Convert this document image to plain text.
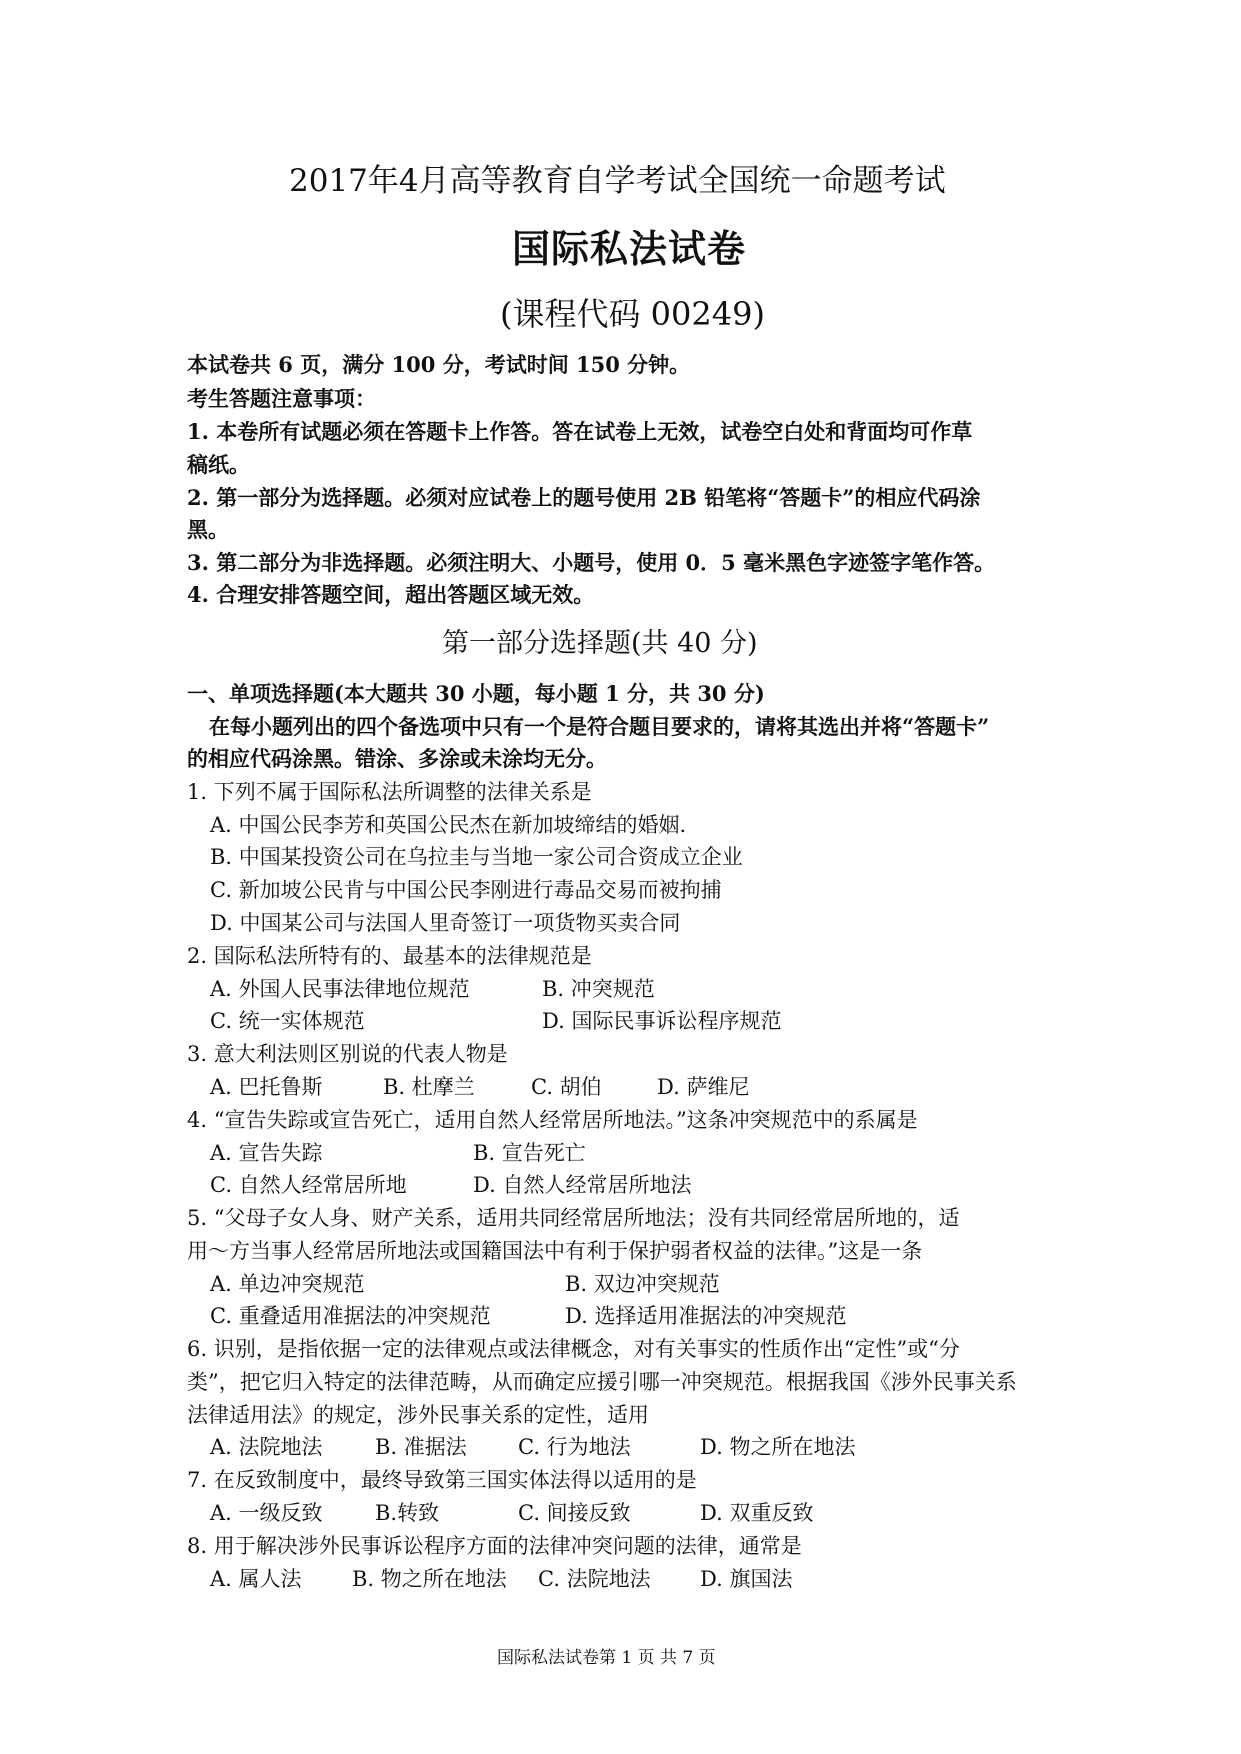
2017年4月高等教育自学考试全国统一命题考试
国际私法试卷
(课程代码 00249)
本试卷共 6 页，满分 100 分，考试时间 150 分钟。
考生答题注意事项：
1. 本卷所有试题必须在答题卡上作答。答在试卷上无效，试卷空白处和背面均可作草
稿纸。
2. 第一部分为选择题。必须对应试卷上的题号使用 2B 铅笔将“答题卡”的相应代码涂
黑。
3. 第二部分为非选择题。必须注明大、小题号，使用 0．5 毫米黑色字迹签字笔作答。
4. 合理安排答题空间，超出答题区域无效。
第一部分选择题(共 40 分)
一、单项选择题(本大题共 30 小题，每小题 1 分，共 30 分)
在每小题列出的四个备选项中只有一个是符合题目要求的，请将其选出并将“答题卡”
的相应代码涂黑。错涂、多涂或未涂均无分。
1. 下列不属于国际私法所调整的法律关系是
A. 中国公民李芳和英国公民杰在新加坡缔结的婚姻.
B. 中国某投资公司在乌拉圭与当地一家公司合资成立企业
C. 新加坡公民肯与中国公民李刚进行毒品交易而被拘捕
D. 中国某公司与法国人里奇签订一项货物买卖合同
2. 国际私法所特有的、最基本的法律规范是
A. 外国人民事法律地位规范	B. 冲突规范
C. 统一实体规范	D. 国际民事诉讼程序规范
3. 意大利法则区别说的代表人物是
A. 巴托鲁斯	B. 杜摩兰	C. 胡伯	D. 萨维尼
4. “宣告失踪或宣告死亡，适用自然人经常居所地法。”这条冲突规范中的系属是
A. 宣告失踪	B. 宣告死亡
C. 自然人经常居所地	D. 自然人经常居所地法
5. “父母子女人身、财产关系，适用共同经常居所地法；没有共同经常居所地的，适
用～方当事人经常居所地法或国籍国法中有利于保护弱者权益的法律。”这是一条
A. 单边冲突规范	B. 双边冲突规范
C. 重叠适用准据法的冲突规范	D. 选择适用准据法的冲突规范
6. 识别，是指依据一定的法律观点或法律概念，对有关事实的性质作出“定性”或“分
类”，把它归入特定的法律范畴，从而确定应援引哪一冲突规范。根据我国《涉外民事关系
法律适用法》的规定，涉外民事关系的定性，适用
A. 法院地法 B. 准据法 C. 行为地法	D. 物之所在地法
7. 在反致制度中，最终导致第三国实体法得以适用的是
A. 一级反致 B.转致	C. 间接反致	D. 双重反致
8. 用于解决涉外民事诉讼程序方面的法律冲突问题的法律，通常是
A. 属人法 B. 物之所在地法 C. 法院地法 D. 旗国法
国际私法试卷第 1 页 共 7 页
